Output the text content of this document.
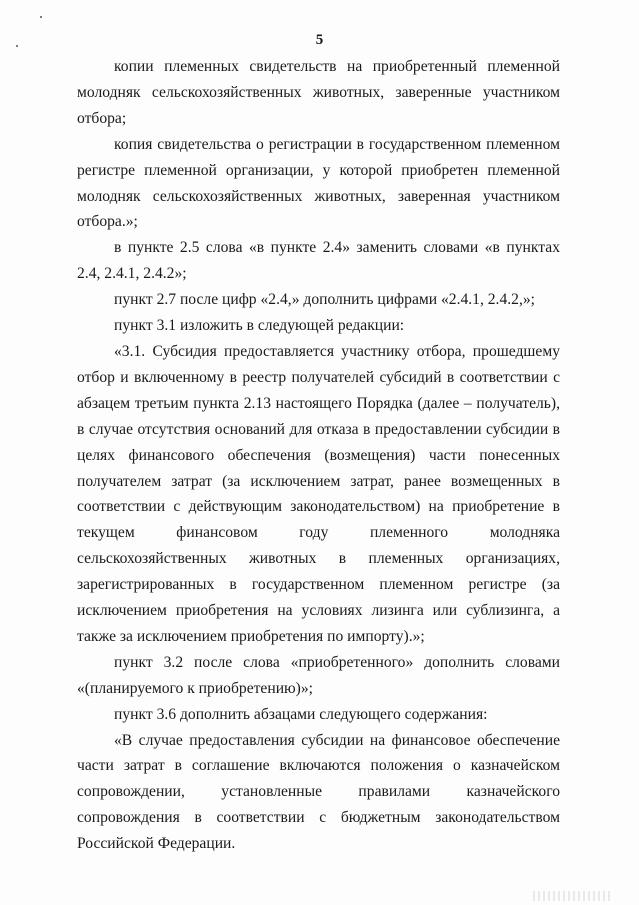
5

копии племенных свидетельств на приобретенный племенной молодняк сельскохозяйственных животных, заверенные участником отбора;

копия свидетельства о регистрации в государственном племенном регистре племенной организации, у которой приобретен племенной молодняк сельскохозяйственных животных, заверенная участником отбора.»;

в пункте 2.5 слова «в пункте 2.4» заменить словами «в пунктах 2.4, 2.4.1, 2.4.2»;

пункт 2.7 после цифр «2.4,» дополнить цифрами «2.4.1, 2.4.2,»;

пункт 3.1 изложить в следующей редакции:

«3.1. Субсидия предоставляется участнику отбора, прошедшему отбор и включенному в реестр получателей субсидий в соответствии с абзацем третьим пункта 2.13 настоящего Порядка (далее – получатель), в случае отсутствия оснований для отказа в предоставлении субсидии в целях финансового обеспечения (возмещения) части понесенных получателем затрат (за исключением затрат, ранее возмещенных в соответствии с действующим законодательством) на приобретение в текущем финансовом году племенного молодняка сельскохозяйственных животных в племенных организациях, зарегистрированных в государственном племенном регистре (за исключением приобретения на условиях лизинга или сублизинга, а также за исключением приобретения по импорту).»;

пункт 3.2 после слова «приобретенного» дополнить словами «(планируемого к приобретению)»;

пункт 3.6 дополнить абзацами следующего содержания:

«В случае предоставления субсидии на финансовое обеспечение части затрат в соглашение включаются положения о казначейском сопровождении, установленные правилами казначейского сопровождения в соответствии с бюджетным законодательством Российской Федерации.
